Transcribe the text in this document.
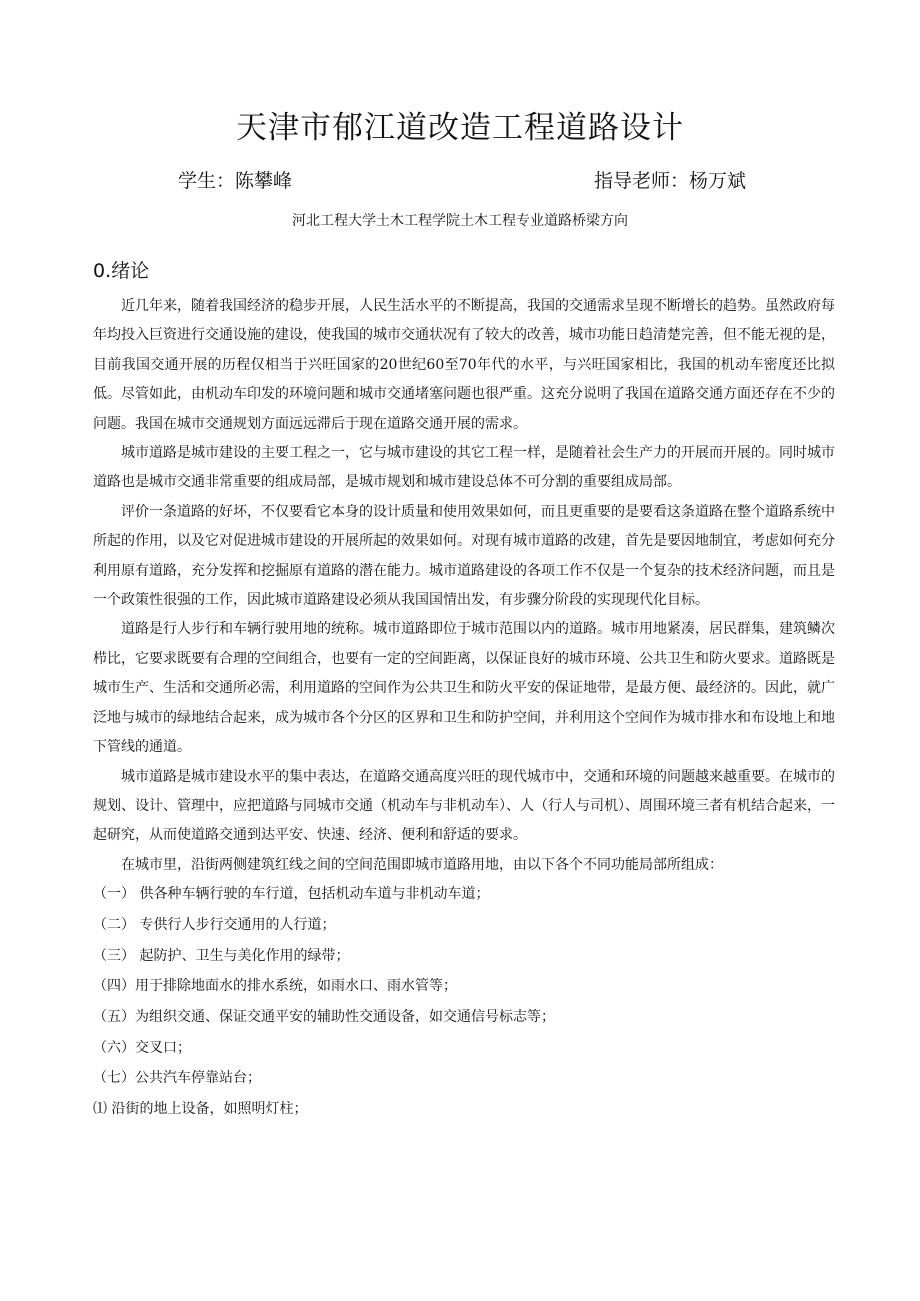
天津市郁江道改造工程道路设计
学生：陈攀峰	指导老师：杨万斌
河北工程大学土木工程学院土木工程专业道路桥梁方向
0.绪论

近几年来，随着我国经济的稳步开展，人民生活水平的不断提高，我国的交通需求呈现不断增长的趋势。虽然政府每年均投入巨资进行交通设施的建设，使我国的城市交通状况有了较大的改善，城市功能日趋清楚完善，但不能无视的是，目前我国交通开展的历程仅相当于兴旺国家的20世纪60至70年代的水平，与兴旺国家相比，我国的机动车密度还比拟低。尽管如此，由机动车印发的环境问题和城市交通堵塞问题也很严重。这充分说明了我国在道路交通方面还存在不少的问题。我国在城市交通规划方面远远滞后于现在道路交通开展的需求。

城市道路是城市建设的主要工程之一，它与城市建设的其它工程一样，是随着社会生产力的开展而开展的。同时城市道路也是城市交通非常重要的组成局部，是城市规划和城市建设总体不可分割的重要组成局部。

评价一条道路的好坏，不仅要看它本身的设计质量和使用效果如何，而且更重要的是要看这条道路在整个道路系统中所起的作用，以及它对促进城市建设的开展所起的效果如何。对现有城市道路的改建，首先是要因地制宜，考虑如何充分利用原有道路，充分发挥和挖掘原有道路的潜在能力。城市道路建设的各项工作不仅是一个复杂的技术经济问题，而且是一个政策性很强的工作，因此城市道路建设必须从我国国情出发，有步骤分阶段的实现现代化目标。

道路是行人步行和车辆行驶用地的统称。城市道路即位于城市范围以内的道路。城市用地紧凑，居民群集，建筑鳞次栉比，它要求既要有合理的空间组合，也要有一定的空间距离，以保证良好的城市环境、公共卫生和防火要求。道路既是城市生产、生活和交通所必需，利用道路的空间作为公共卫生和防火平安的保证地带，是最方便、最经济的。因此，就广泛地与城市的绿地结合起来，成为城市各个分区的区界和卫生和防护空间，并利用这个空间作为城市排水和布设地上和地下管线的通道。

城市道路是城市建设水平的集中表达，在道路交通高度兴旺的现代城市中，交通和环境的问题越来越重要。在城市的规划、设计、管理中，应把道路与同城市交通（机动车与非机动车）、人（行人与司机）、周围环境三者有机结合起来，一起研究，从而使道路交通到达平安、快速、经济、便利和舒适的要求。

在城市里，沿街两侧建筑红线之间的空间范围即城市道路用地，由以下各个不同功能局部所组成：

（一） 供各种车辆行驶的车行道，包括机动车道与非机动车道；
（二） 专供行人步行交通用的人行道；
（三） 起防护、卫生与美化作用的绿带；
（四）用于排除地面水的排水系统，如雨水口、雨水管等；
（五）为组织交通、保证交通平安的辅助性交通设备，如交通信号标志等；
（六）交叉口；
（七）公共汽车停靠站台；
⑴ 沿街的地上设备，如照明灯柱；
